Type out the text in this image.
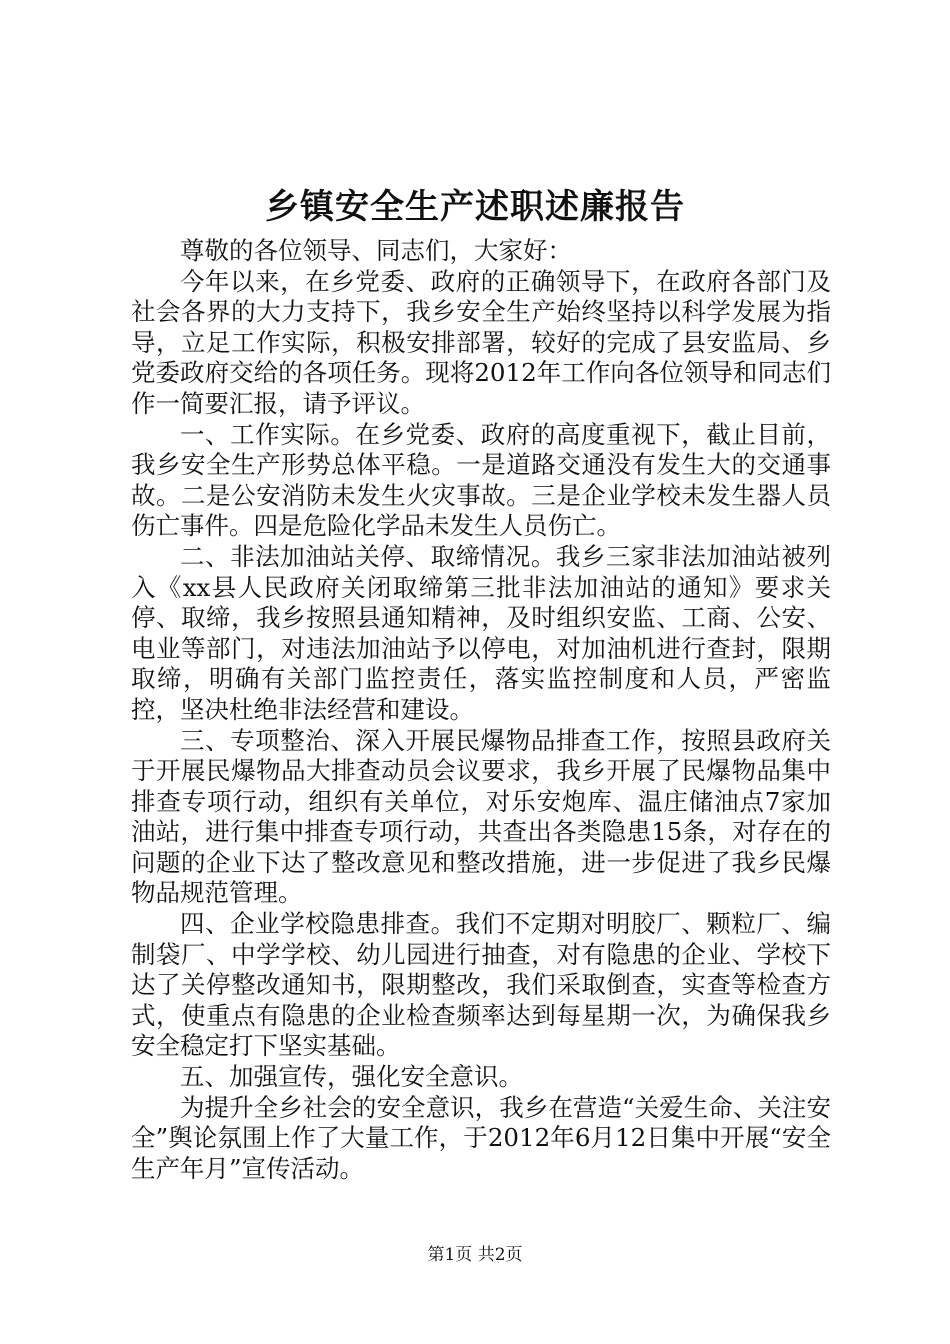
乡镇安全生产述职述廉报告

尊敬的各位领导、同志们，大家好：

今年以来，在乡党委、政府的正确领导下，在政府各部门及社会各界的大力支持下，我乡安全生产始终坚持以科学发展为指导，立足工作实际，积极安排部署，较好的完成了县安监局、乡党委政府交给的各项任务。现将2012年工作向各位领导和同志们作一简要汇报，请予评议。

一、工作实际。在乡党委、政府的高度重视下，截止目前，我乡安全生产形势总体平稳。一是道路交通没有发生大的交通事故。二是公安消防未发生火灾事故。三是企业学校未发生器人员伤亡事件。四是危险化学品未发生人员伤亡。

二、非法加油站关停、取缔情况。我乡三家非法加油站被列入《xx县人民政府关闭取缔第三批非法加油站的通知》要求关停、取缔，我乡按照县通知精神，及时组织安监、工商、公安、电业等部门，对违法加油站予以停电，对加油机进行查封，限期取缔，明确有关部门监控责任，落实监控制度和人员，严密监控，坚决杜绝非法经营和建设。

三、专项整治、深入开展民爆物品排查工作，按照县政府关于开展民爆物品大排查动员会议要求，我乡开展了民爆物品集中排查专项行动，组织有关单位，对乐安炮库、温庄储油点7家加油站，进行集中排查专项行动，共查出各类隐患15条，对存在的问题的企业下达了整改意见和整改措施，进一步促进了我乡民爆物品规范管理。

四、企业学校隐患排查。我们不定期对明胶厂、颗粒厂、编制袋厂、中学学校、幼儿园进行抽查，对有隐患的企业、学校下达了关停整改通知书，限期整改，我们采取倒查，实查等检查方式，使重点有隐患的企业检查频率达到每星期一次，为确保我乡安全稳定打下坚实基础。

五、加强宣传，强化安全意识。

为提升全乡社会的安全意识，我乡在营造“关爱生命、关注安全”舆论氛围上作了大量工作，于2012年6月12日集中开展“安全生产年月”宣传活动。

第1页 共2页
